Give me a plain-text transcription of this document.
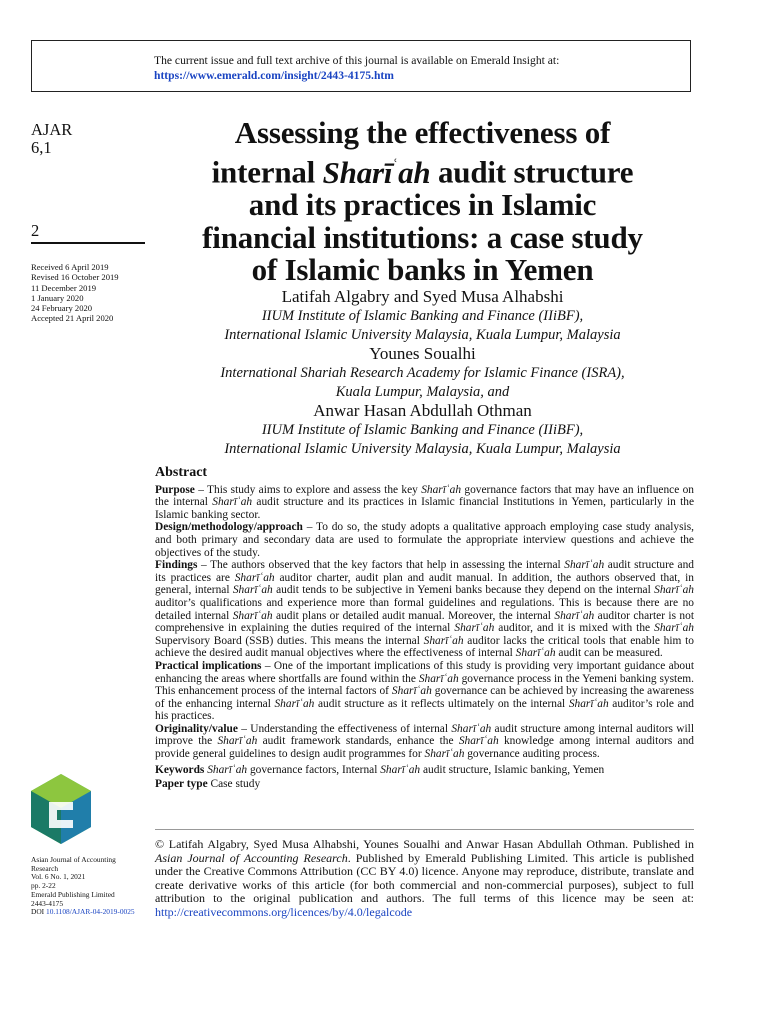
The current issue and full text archive of this journal is available on Emerald Insight at:
https://www.emerald.com/insight/2443-4175.htm
AJAR
6,1
2
Received 6 April 2019
Revised 16 October 2019
11 December 2019
1 January 2020
24 February 2020
Accepted 21 April 2020
Assessing the effectiveness of
internal Sharī$^ʿ$ah audit structure
and its practices in Islamic
financial institutions: a case study
of Islamic banks in Yemen
Latifah Algabry and Syed Musa Alhabshi
IIUM Institute of Islamic Banking and Finance (IIiBF),
International Islamic University Malaysia, Kuala Lumpur, Malaysia
Younes Soualhi
International Shariah Research Academy for Islamic Finance (ISRA),
Kuala Lumpur, Malaysia, and
Anwar Hasan Abdullah Othman
IIUM Institute of Islamic Banking and Finance (IIiBF),
International Islamic University Malaysia, Kuala Lumpur, Malaysia
Abstract

Purpose – This study aims to explore and assess the key Sharīʿah governance factors that may have an influence on the internal Sharīʿah audit structure and its practices in Islamic financial Institutions in Yemen, particularly in the Islamic banking sector.

Design/methodology/approach – To do so, the study adopts a qualitative approach employing case study analysis, and both primary and secondary data are used to formulate the appropriate interview questions and achieve the objectives of the study.

Findings – The authors observed that the key factors that help in assessing the internal Sharīʿah audit structure and its practices are Sharīʿah auditor charter, audit plan and audit manual. In addition, the authors observed that, in general, internal Sharīʿah audit tends to be subjective in Yemeni banks because they depend on the internal Sharīʿah auditor’s qualifications and experience more than formal guidelines and regulations. This is because there are no detailed internal Sharīʿah audit plans or detailed audit manual. Moreover, the internal Sharīʿah auditor charter is not comprehensive in explaining the duties required of the internal Sharīʿah auditor, and it is mixed with the Sharīʿah Supervisory Board (SSB) duties. This means the internal Sharīʿah auditor lacks the critical tools that enable him to achieve the desired audit manual objectives where the effectiveness of internal Sharīʿah audit can be measured.

Practical implications – One of the important implications of this study is providing very important guidance about enhancing the areas where shortfalls are found within the Sharīʿah governance process in the Yemeni banking system. This enhancement process of the internal factors of Sharīʿah governance can be achieved by increasing the awareness of the enhancing internal Sharīʿah audit structure as it reflects ultimately on the internal Sharīʿah auditor’s role and his practices.

Originality/value – Understanding the effectiveness of internal Sharīʿah audit structure among internal auditors will improve the Sharīʿah audit framework standards, enhance the Sharīʿah knowledge among internal auditors and provide general guidelines to design audit programmes for Sharīʿah governance auditing process.

Keywords Sharīʿah governance factors, Internal Sharīʿah audit structure, Islamic banking, Yemen

Paper type Case study

© Latifah Algabry, Syed Musa Alhabshi, Younes Soualhi and Anwar Hasan Abdullah Othman. Published in Asian Journal of Accounting Research. Published by Emerald Publishing Limited. This article is published under the Creative Commons Attribution (CC BY 4.0) licence. Anyone may reproduce, distribute, translate and create derivative works of this article (for both commercial and non-commercial purposes), subject to full attribution to the original publication and authors. The full terms of this licence may be seen at: http://creativecommons.org/licences/by/4.0/legalcode
Asian Journal of Accounting Research
Vol. 6 No. 1, 2021
pp. 2-22
Emerald Publishing Limited
2443-4175
DOI 10.1108/AJAR-04-2019-0025
